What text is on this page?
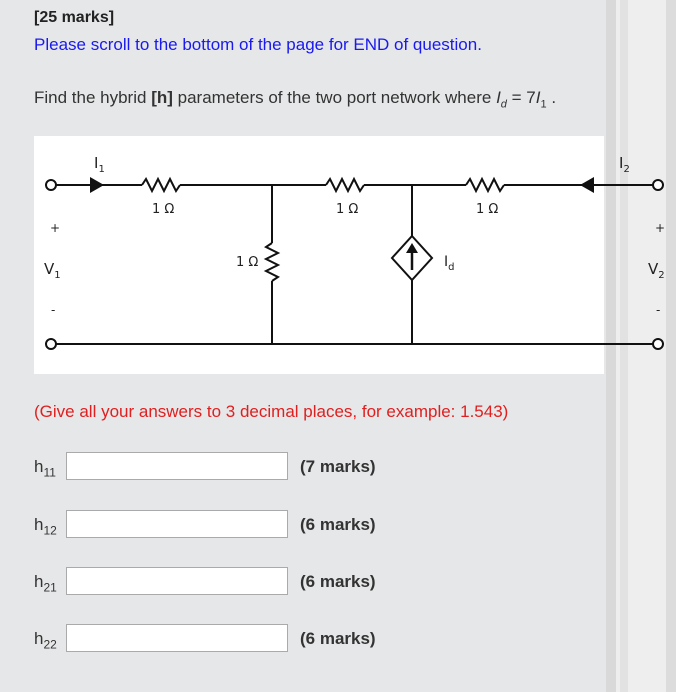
[25 marks]
Please scroll to the bottom of the page for END of question.
Find the hybrid [h] parameters of the two port network where $I_d = 7I_1$ .
$I_1$	$I_2$
1 Ω	1 Ω	1 Ω
1 Ω	$I_d$
+
$V_1$
-
+
$V_2$
-
(Give all your answers to 3 decimal places, for example: 1.543)
$h_{11}$	(7 marks)
$h_{12}$	(6 marks)
$h_{21}$	(6 marks)
$h_{22}$	(6 marks)
